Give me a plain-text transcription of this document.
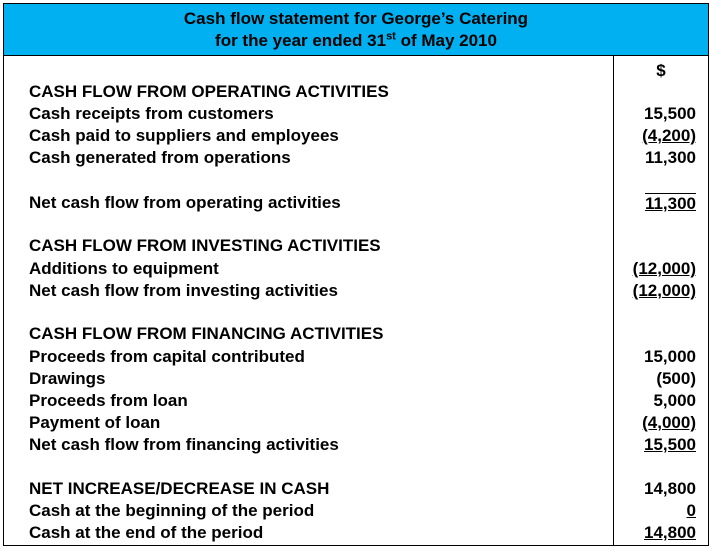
Cash flow statement for George’s Catering
for the year ended 31st of May 2010
$
CASH FLOW FROM OPERATING ACTIVITIES
Cash receipts from customers	15,500
Cash paid to suppliers and employees	(4,200)
Cash generated from operations	11,300
Net cash flow from operating activities	11,300
CASH FLOW FROM INVESTING ACTIVITIES
Additions to equipment	(12,000)
Net cash flow from investing activities	(12,000)
CASH FLOW FROM FINANCING ACTIVITIES
Proceeds from capital contributed	15,000
Drawings	(500)
Proceeds from loan	5,000
Payment of loan	(4,000)
Net cash flow from financing activities	15,500
NET INCREASE/DECREASE IN CASH	14,800
Cash at the beginning of the period	0
Cash at the end of the period	14,800
